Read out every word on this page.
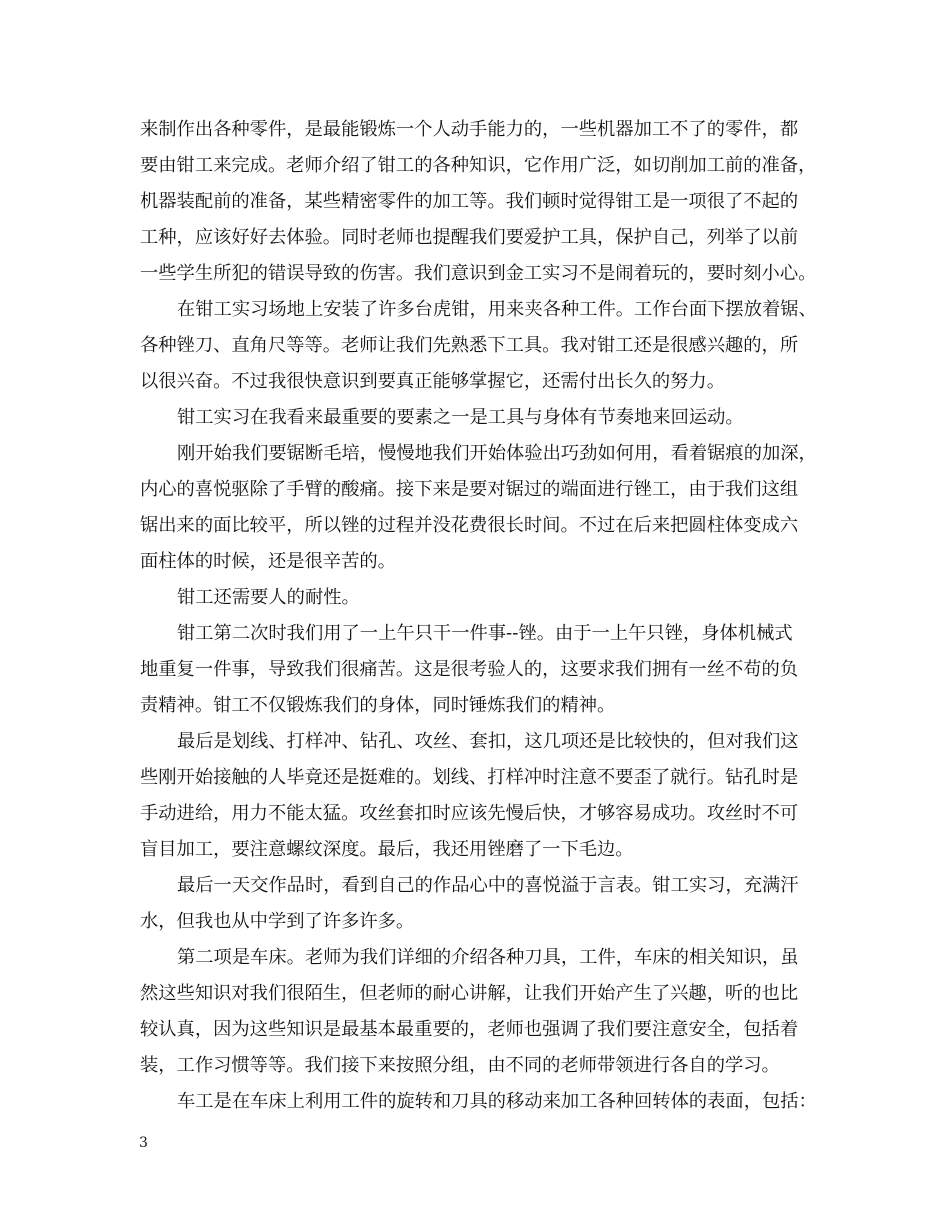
来制作出各种零件，是最能锻炼一个人动手能力的，一些机器加工不了的零件，都
要由钳工来完成。老师介绍了钳工的各种知识，它作用广泛，如切削加工前的准备，
机器装配前的准备，某些精密零件的加工等。我们顿时觉得钳工是一项很了不起的
工种，应该好好去体验。同时老师也提醒我们要爱护工具，保护自己，列举了以前
一些学生所犯的错误导致的伤害。我们意识到金工实习不是闹着玩的，要时刻小心。
在钳工实习场地上安装了许多台虎钳，用来夹各种工件。工作台面下摆放着锯、
各种锉刀、直角尺等等。老师让我们先熟悉下工具。我对钳工还是很感兴趣的，所
以很兴奋。不过我很快意识到要真正能够掌握它，还需付出长久的努力。
钳工实习在我看来最重要的要素之一是工具与身体有节奏地来回运动。
刚开始我们要锯断毛培，慢慢地我们开始体验出巧劲如何用，看着锯痕的加深，
内心的喜悦驱除了手臂的酸痛。接下来是要对锯过的端面进行锉工，由于我们这组
锯出来的面比较平，所以锉的过程并没花费很长时间。不过在后来把圆柱体变成六
面柱体的时候，还是很辛苦的。
钳工还需要人的耐性。
钳工第二次时我们用了一上午只干一件事--锉。由于一上午只锉，身体机械式
地重复一件事，导致我们很痛苦。这是很考验人的，这要求我们拥有一丝不苟的负
责精神。钳工不仅锻炼我们的身体，同时锤炼我们的精神。
最后是划线、打样冲、钻孔、攻丝、套扣，这几项还是比较快的，但对我们这
些刚开始接触的人毕竟还是挺难的。划线、打样冲时注意不要歪了就行。钻孔时是
手动进给，用力不能太猛。攻丝套扣时应该先慢后快，才够容易成功。攻丝时不可
盲目加工，要注意螺纹深度。最后，我还用锉磨了一下毛边。
最后一天交作品时，看到自己的作品心中的喜悦溢于言表。钳工实习，充满汗
水，但我也从中学到了许多许多。
第二项是车床。老师为我们详细的介绍各种刀具，工件，车床的相关知识，虽
然这些知识对我们很陌生，但老师的耐心讲解，让我们开始产生了兴趣，听的也比
较认真，因为这些知识是最基本最重要的，老师也强调了我们要注意安全，包括着
装，工作习惯等等。我们接下来按照分组，由不同的老师带领进行各自的学习。
车工是在车床上利用工件的旋转和刀具的移动来加工各种回转体的表面，包括：
3
